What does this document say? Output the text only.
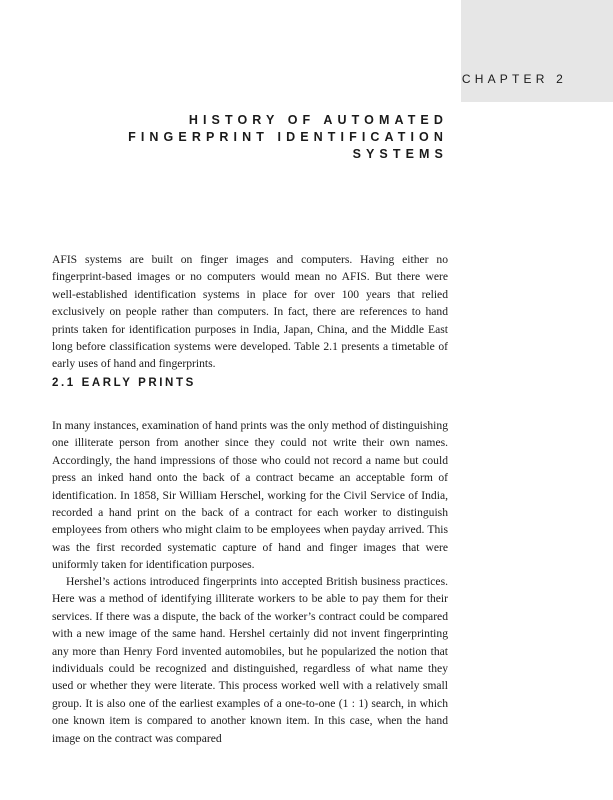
CHAPTER 2
HISTORY OF AUTOMATED
FINGERPRINT IDENTIFICATION
SYSTEMS

AFIS systems are built on finger images and computers. Having either no fingerprint-based images or no computers would mean no AFIS. But there were well-established identification systems in place for over 100 years that relied exclusively on people rather than computers. In fact, there are references to hand prints taken for identification purposes in India, Japan, China, and the Middle East long before classification systems were developed. Table 2.1 presents a timetable of early uses of hand and fingerprints.

2.1 EARLY PRINTS

In many instances, examination of hand prints was the only method of distinguishing one illiterate person from another since they could not write their own names. Accordingly, the hand impressions of those who could not record a name but could press an inked hand onto the back of a contract became an acceptable form of identification. In 1858, Sir William Herschel, working for the Civil Service of India, recorded a hand print on the back of a contract for each worker to distinguish employees from others who might claim to be employees when payday arrived. This was the first recorded systematic capture of hand and finger images that were uniformly taken for identification purposes.

Hershel’s actions introduced fingerprints into accepted British business practices. Here was a method of identifying illiterate workers to be able to pay them for their services. If there was a dispute, the back of the worker’s contract could be compared with a new image of the same hand. Hershel certainly did not invent fingerprinting any more than Henry Ford invented automobiles, but he popularized the notion that individuals could be recognized and distinguished, regardless of what name they used or whether they were literate. This process worked well with a relatively small group. It is also one of the earliest examples of a one-to-one (1 : 1) search, in which one known item is compared to another known item. In this case, when the hand image on the contract was compared
